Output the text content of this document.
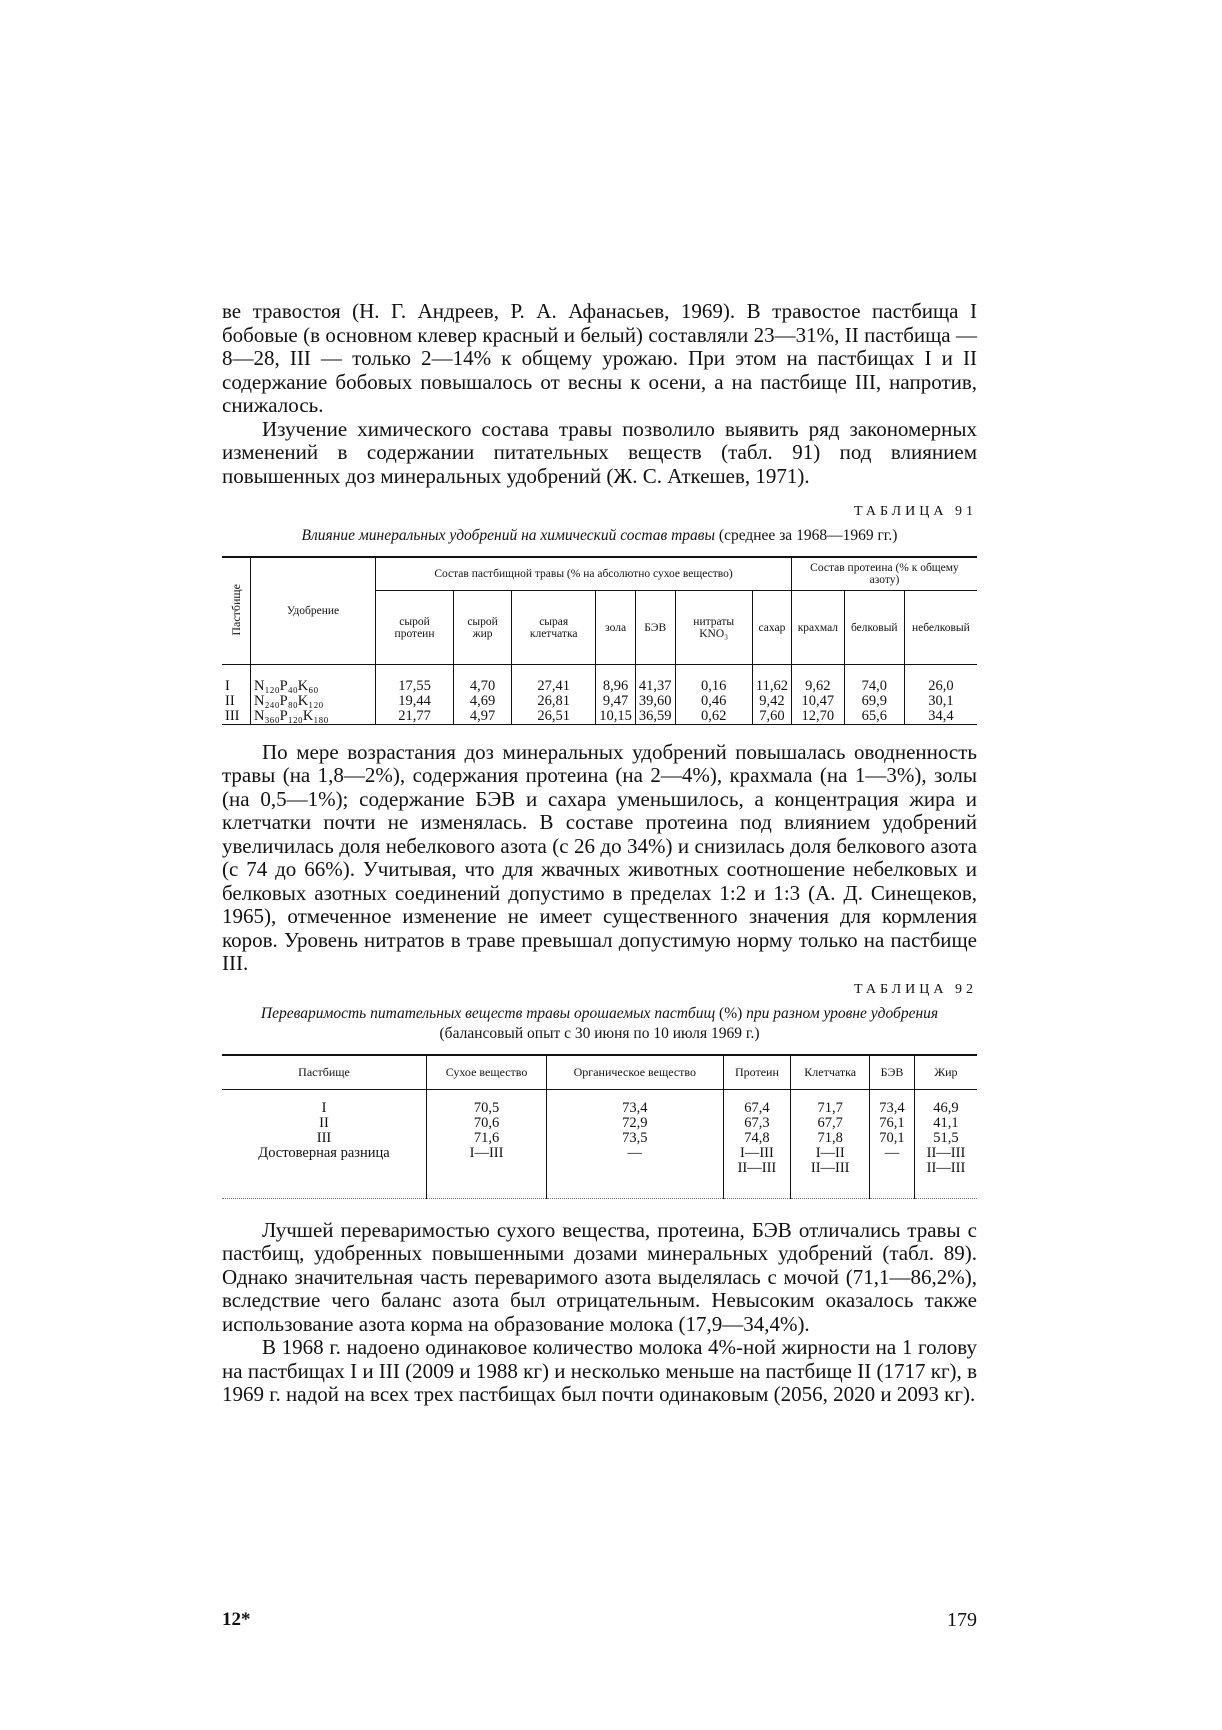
ве травостоя (Н. Г. Андреев, Р. А. Афанасьев, 1969). В травостое пастбища I бобовые (в основном клевер красный и белый) составляли 23—31%, II пастбища — 8—28, III — только 2—14% к общему урожаю. При этом на пастбищах I и II содержание бобовых повышалось от весны к осени, а на пастбище III, напротив, снижалось.

Изучение химического состава травы позволило выявить ряд закономерных изменений в содержании питательных веществ (табл. 91) под влиянием повышенных доз минеральных удобрений (Ж. С. Аткешев, 1971).

ТАБЛИЦА 91
Влияние минеральных удобрений на химический состав травы (среднее за 1968—1969 гг.)
Пастбище	Удобрение	Состав пастбищной травы (% на абсолютно сухое вещество)							Состав протеина (% к общему азоту)		
		сырой протеин	сырой жир	сырая клетчатка	зола	БЭВ	нитраты KNO₃	сахар	крахмал	белковый	небелковый

I	N₁₂₀P₄₀K₆₀	17,55	4,70	27,41	8,96	41,37	0,16	11,62	9,62	74,0	26,0
II	N₂₄₀P₈₀K₁₂₀	19,44	4,69	26,81	9,47	39,60	0,46	9,42	10,47	69,9	30,1
III	N₃₆₀P₁₂₀K₁₈₀	21,77	4,97	26,51	10,15	36,59	0,62	7,60	12,70	65,6	34,4

По мере возрастания доз минеральных удобрений повышалась оводненность травы (на 1,8—2%), содержания протеина (на 2—4%), крахмала (на 1—3%), золы (на 0,5—1%); содержание БЭВ и сахара уменьшилось, а концентрация жира и клетчатки почти не изменялась. В составе протеина под влиянием удобрений увеличилась доля небелкового азота (с 26 до 34%) и снизилась доля белкового азота (с 74 до 66%). Учитывая, что для жвачных животных соотношение небелковых и белковых азотных соединений допустимо в пределах 1:2 и 1:3 (А. Д. Синещеков, 1965), отмеченное изменение не имеет существенного значения для кормления коров. Уровень нитратов в траве превышал допустимую норму только на пастбище III.

ТАБЛИЦА 92
Переваримость питательных веществ травы орошаемых пастбищ (%) при разном уровне удобрения (балансовый опыт с 30 июня по 10 июля 1969 г.)
Пастбище	Сухое вещество	Органическое вещество	Протеин	Клетчатка	БЭВ	Жир

I	70,5	73,4	67,4	71,7	73,4	46,9
II	70,6	72,9	67,3	67,7	76,1	41,1
III	71,6	73,5	74,8	71,8	70,1	51,5
Достоверная разница	I—III	—	I—III	I—II	—	II—III
			II—III	II—III		II—III

Лучшей переваримостью сухого вещества, протеина, БЭВ отличались травы с пастбищ, удобренных повышенными дозами минеральных удобрений (табл. 89). Однако значительная часть переваримого азота выделялась с мочой (71,1—86,2%), вследствие чего баланс азота был отрицательным. Невысоким оказалось также использование азота корма на образование молока (17,9—34,4%).

В 1968 г. надоено одинаковое количество молока 4%-ной жирности на 1 голову на пастбищах I и III (2009 и 1988 кг) и несколько меньше на пастбище II (1717 кг), в 1969 г. надой на всех трех пастбищах был почти одинаковым (2056, 2020 и 2093 кг).

12*	179
